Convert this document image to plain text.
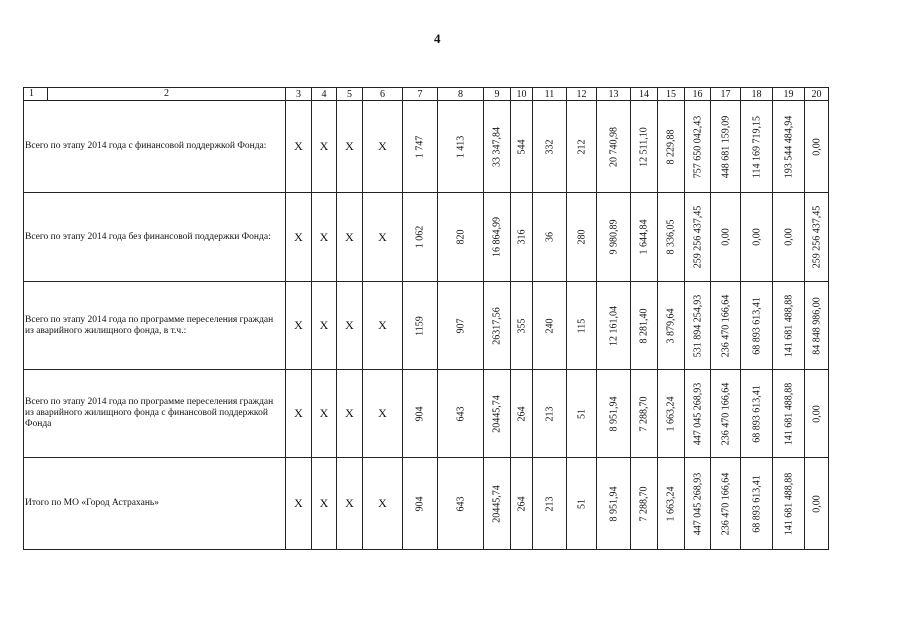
4
1 2	3	4	5	6	7	8	9	10	11	12	13	14	15	16	17	18	19	20
Всего по этапу 2014 года с финансовой поддержкой Фонда:	Х	Х	Х	Х	1 747	1 413	33 347,84	544	332	212	20 740,98	12 511,10	8 229,88	757 650 042,43	448 681 159,09	114 169 719,15	193 544 484,94	0,00

Всего по этапу 2014 года без финансовой поддержки Фонда:	Х	Х	Х	Х	1 062	820	16 864,99	316	36	280	9 980,89	1 644,84	8 336,05	259 256 437,45	0,00	0,00	0,00	259 256 437,45

Всего по этапу 2014 года по программе переселения граждан из аварийного жилищного фонда, в т.ч.:	Х	Х	Х	Х	1159	907	26317,56	355	240	115	12 161,04	8 281,40	3 879,64	531 894 254,93	236 470 166,64	68 893 613,41	141 681 488,88	84 848 986,00

Всего по этапу 2014 года по программе переселения граждан из аварийного жилищного фонда с финансовой поддержкой Фонда	Х	Х	Х	Х	904	643	20445,74	264	213	51	8 951,94	7 288,70	1 663,24	447 045 268,93	236 470 166,64	68 893 613,41	141 681 488,88	0,00

Итого по МО «Город Астрахань»	Х	Х	Х	Х	904	643	20445,74	264	213	51	8 951,94	7 288,70	1 663,24	447 045 268,93	236 470 166,64	68 893 613,41	141 681 488,88	0,00
